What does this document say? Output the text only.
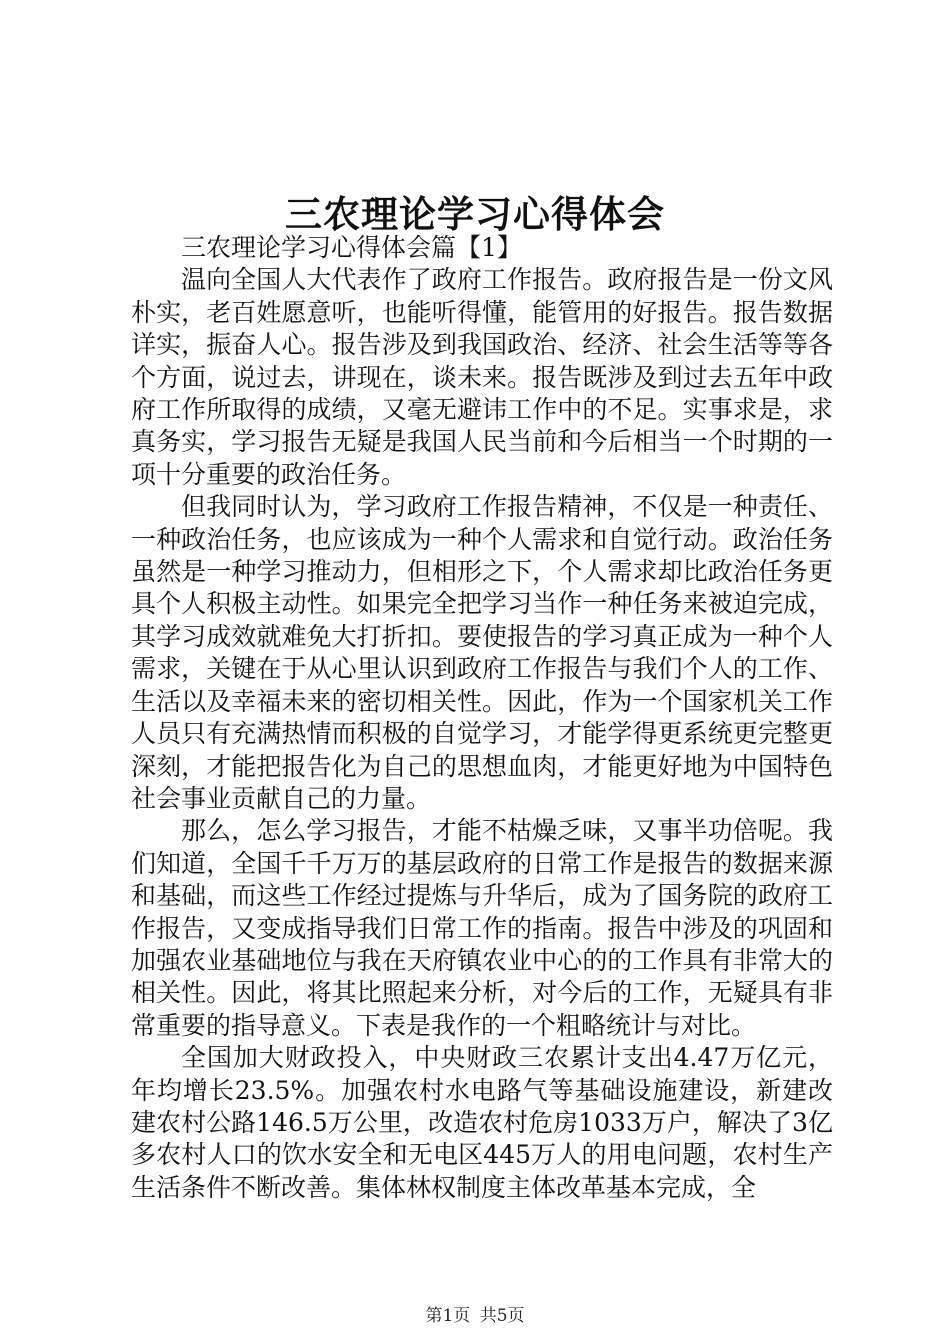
三农理论学习心得体会

三农理论学习心得体会篇【1】

温向全国人大代表作了政府工作报告。政府报告是一份文风朴实，老百姓愿意听，也能听得懂，能管用的好报告。报告数据详实，振奋人心。报告涉及到我国政治、经济、社会生活等等各个方面，说过去，讲现在，谈未来。报告既涉及到过去五年中政府工作所取得的成绩，又毫无避讳工作中的不足。实事求是，求真务实，学习报告无疑是我国人民当前和今后相当一个时期的一项十分重要的政治任务。

但我同时认为，学习政府工作报告精神，不仅是一种责任、一种政治任务，也应该成为一种个人需求和自觉行动。政治任务虽然是一种学习推动力，但相形之下，个人需求却比政治任务更具个人积极主动性。如果完全把学习当作一种任务来被迫完成，其学习成效就难免大打折扣。要使报告的学习真正成为一种个人需求，关键在于从心里认识到政府工作报告与我们个人的工作、生活以及幸福未来的密切相关性。因此，作为一个国家机关工作人员只有充满热情而积极的自觉学习，才能学得更系统更完整更深刻，才能把报告化为自己的思想血肉，才能更好地为中国特色社会事业贡献自己的力量。

那么，怎么学习报告，才能不枯燥乏味，又事半功倍呢。我们知道，全国千千万万的基层政府的日常工作是报告的数据来源和基础，而这些工作经过提炼与升华后，成为了国务院的政府工作报告，又变成指导我们日常工作的指南。报告中涉及的巩固和加强农业基础地位与我在天府镇农业中心的的工作具有非常大的相关性。因此，将其比照起来分析，对今后的工作，无疑具有非常重要的指导意义。下表是我作的一个粗略统计与对比。

全国加大财政投入，中央财政三农累计支出4.47万亿元，年均增长23.5%。加强农村水电路气等基础设施建设，新建改建农村公路146.5万公里，改造农村危房1033万户，解决了3亿多农村人口的饮水安全和无电区445万人的用电问题，农村生产生活条件不断改善。集体林权制度主体改革基本完成，全

第1页 共5页
